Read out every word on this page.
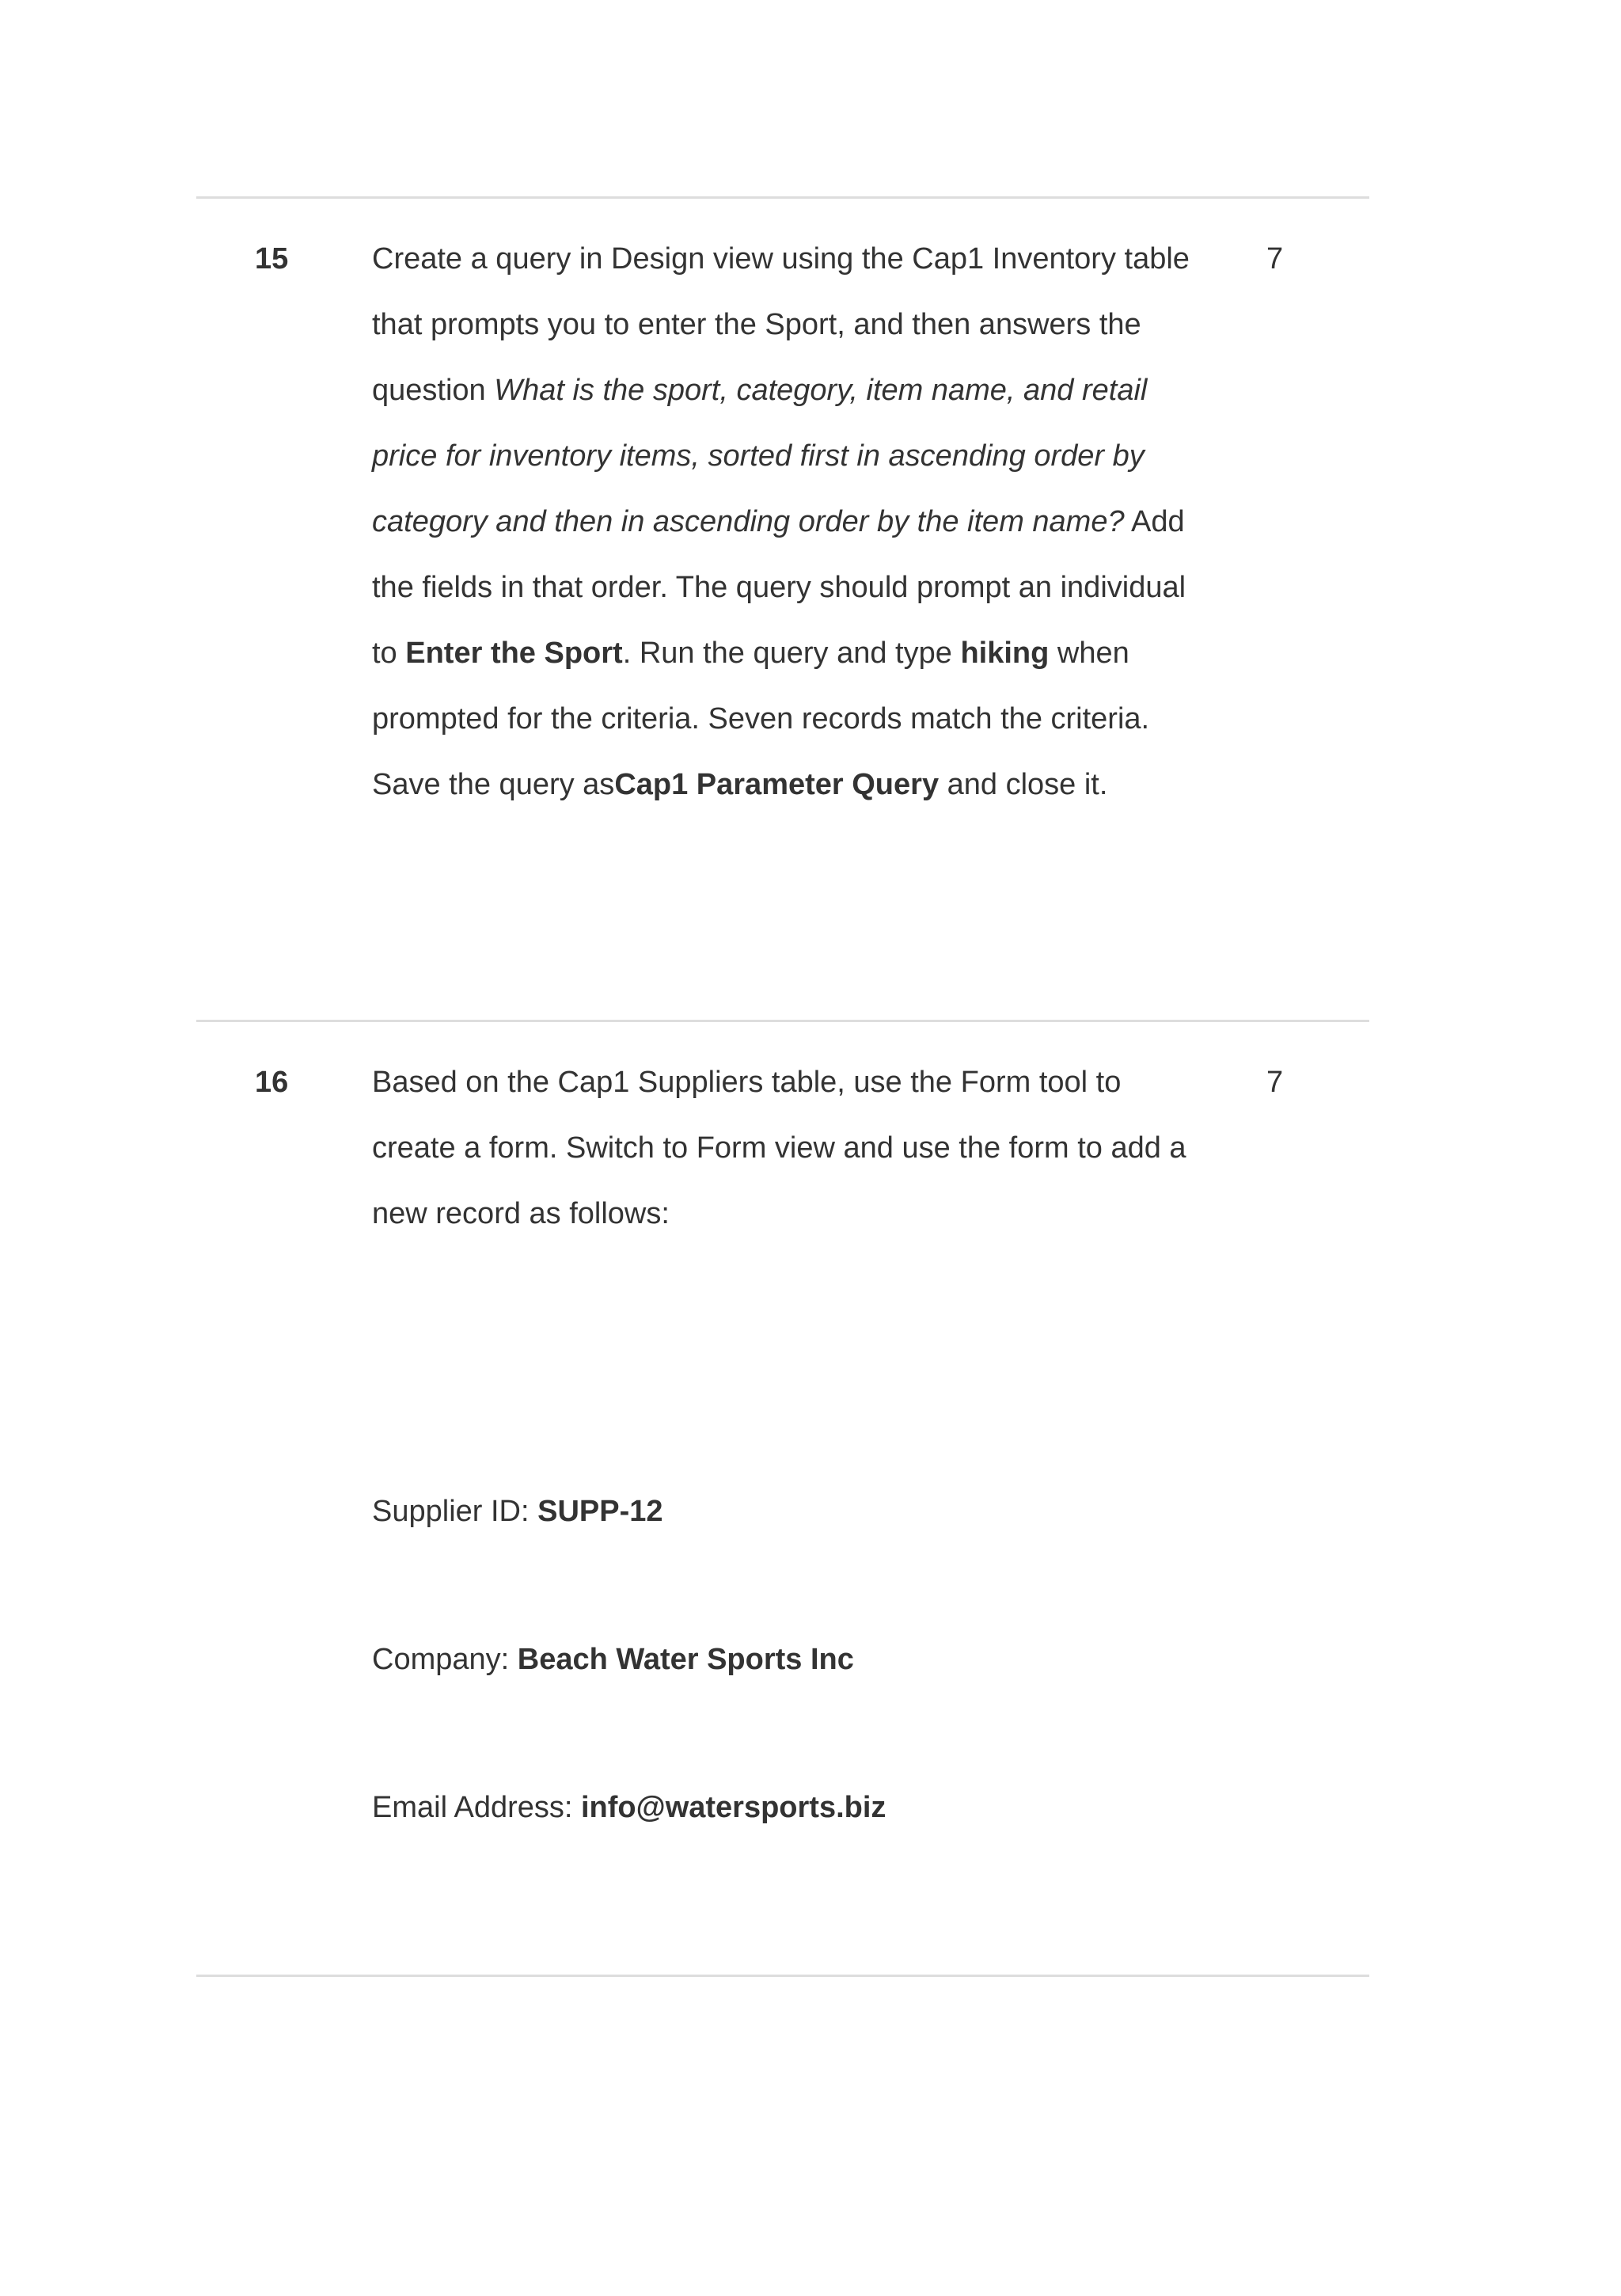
15	7

Create a query in Design view using the Cap1 Inventory table that prompts you to enter the Sport, and then answers the question What is the sport, category, item name, and retail price for inventory items, sorted first in ascending order by category and then in ascending order by the item name? Add the fields in that order. The query should prompt an individual to Enter the Sport. Run the query and type hiking when prompted for the criteria. Seven records match the criteria. Save the query asCap1 Parameter Query and close it.

16	7

Based on the Cap1 Suppliers table, use the Form tool to create a form. Switch to Form view and use the form to add a new record as follows:

Supplier ID: SUPP-12
Company: Beach Water Sports Inc
Email Address: info@watersports.biz
